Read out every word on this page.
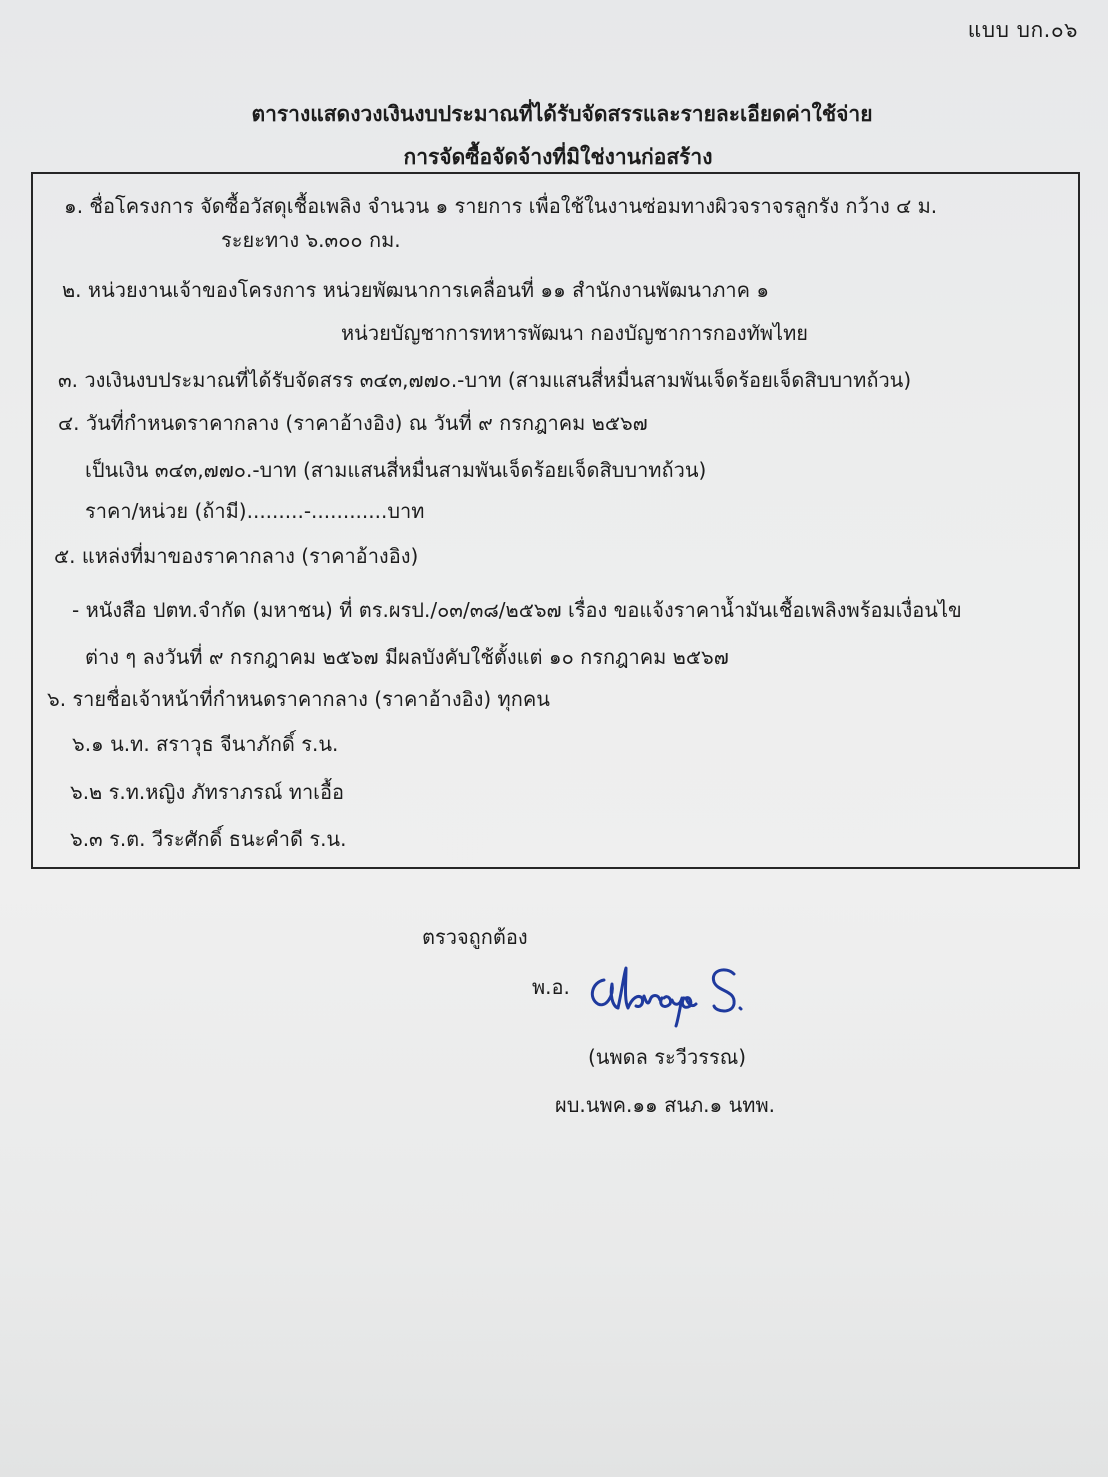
แบบ บก.๐๖
ตารางแสดงวงเงินงบประมาณที่ได้รับจัดสรรและรายละเอียดค่าใช้จ่าย
การจัดซื้อจัดจ้างที่มิใช่งานก่อสร้าง
๑. ชื่อโครงการ จัดซื้อวัสดุเชื้อเพลิง จำนวน ๑ รายการ เพื่อใช้ในงานซ่อมทางผิวจราจรลูกรัง กว้าง ๔ ม.
ระยะทาง ๖.๓๐๐ กม.
๒. หน่วยงานเจ้าของโครงการ หน่วยพัฒนาการเคลื่อนที่ ๑๑ สำนักงานพัฒนาภาค ๑
หน่วยบัญชาการทหารพัฒนา กองบัญชาการกองทัพไทย
๓. วงเงินงบประมาณที่ได้รับจัดสรร ๓๔๓,๗๗๐.-บาท (สามแสนสี่หมื่นสามพันเจ็ดร้อยเจ็ดสิบบาทถ้วน)
๔. วันที่กำหนดราคากลาง (ราคาอ้างอิง) ณ วันที่ ๙ กรกฎาคม ๒๕๖๗
เป็นเงิน ๓๔๓,๗๗๐.-บาท (สามแสนสี่หมื่นสามพันเจ็ดร้อยเจ็ดสิบบาทถ้วน)
ราคา/หน่วย (ถ้ามี).........-............บาท
๕. แหล่งที่มาของราคากลาง (ราคาอ้างอิง)
- หนังสือ ปตท.จำกัด (มหาชน) ที่ ตร.ผรป./๐๓/๓๘/๒๕๖๗ เรื่อง ขอแจ้งราคาน้ำมันเชื้อเพลิงพร้อมเงื่อนไข
ต่าง ๆ ลงวันที่ ๙ กรกฎาคม ๒๕๖๗ มีผลบังคับใช้ตั้งแต่ ๑๐ กรกฎาคม ๒๕๖๗
๖. รายชื่อเจ้าหน้าที่กำหนดราคากลาง (ราคาอ้างอิง) ทุกคน
๖.๑ น.ท. สราวุธ จีนาภักดิ์ ร.น.
๖.๒ ร.ท.หญิง ภัทราภรณ์ ทาเอื้อ
๖.๓ ร.ต. วีระศักดิ์ ธนะคำดี ร.น.
ตรวจถูกต้อง
พ.อ.
(นพดล ระวีวรรณ)
ผบ.นพค.๑๑ สนภ.๑ นทพ.
